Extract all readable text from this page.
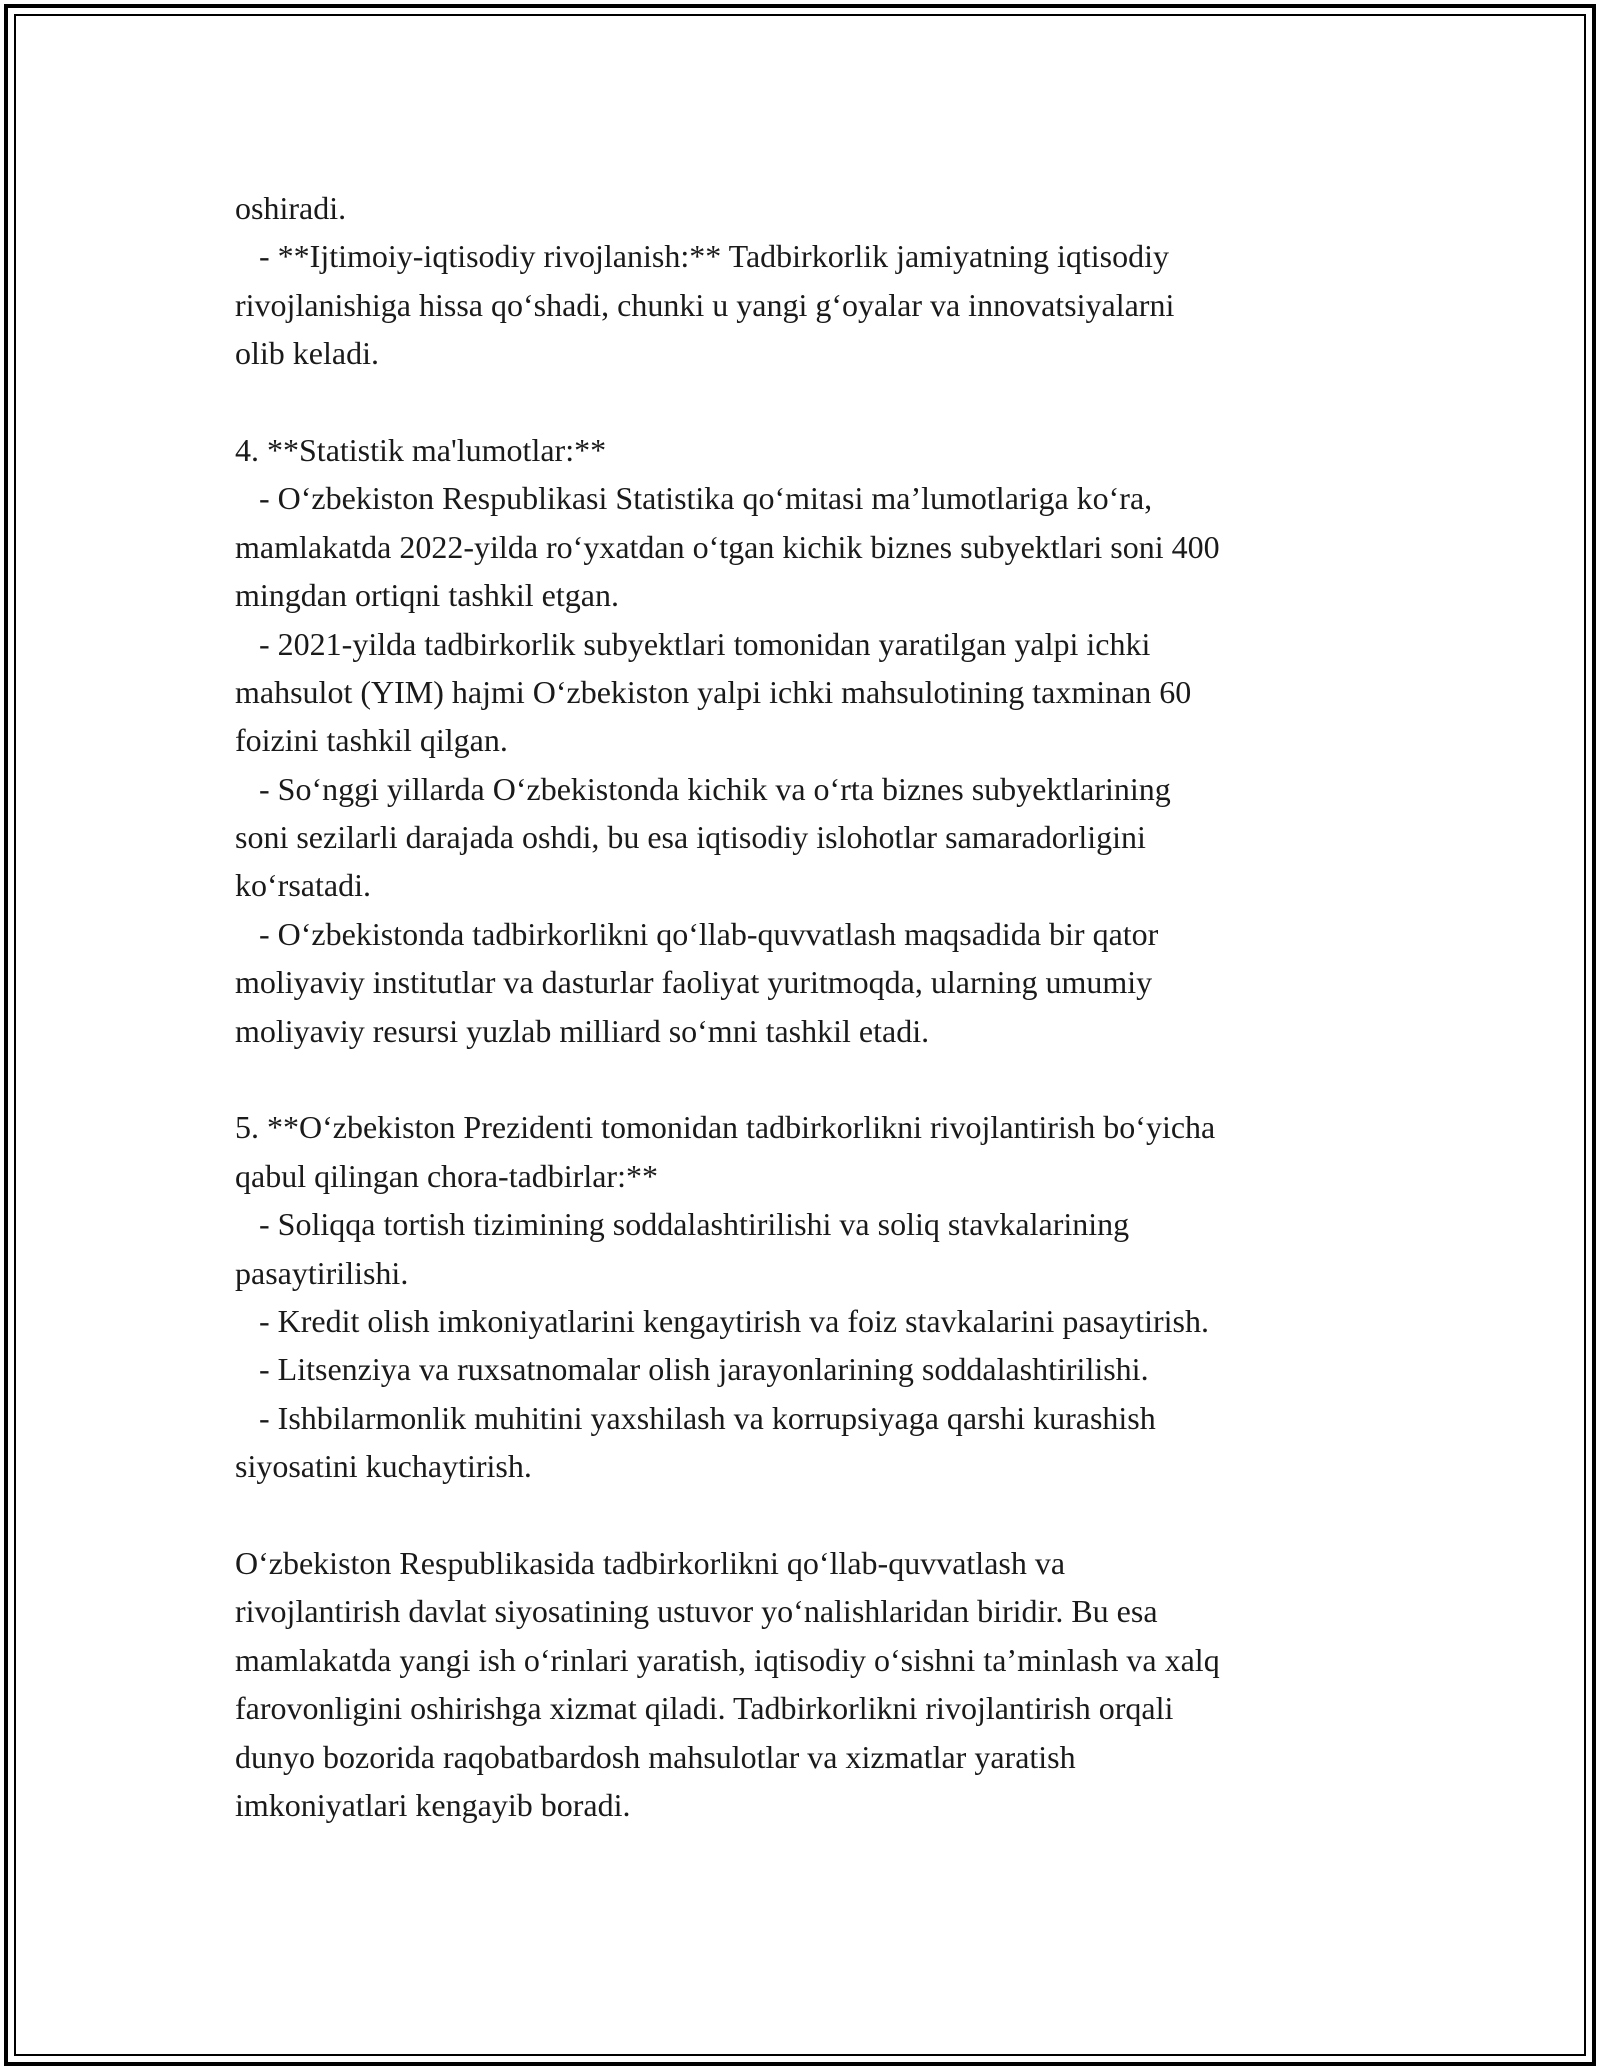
oshiradi.
- **Ijtimoiy-iqtisodiy rivojlanish:** Tadbirkorlik jamiyatning iqtisodiy
rivojlanishiga hissa qo‘shadi, chunki u yangi g‘oyalar va innovatsiyalarni
olib keladi.
4. **Statistik ma'lumotlar:**
- O‘zbekiston Respublikasi Statistika qo‘mitasi ma’lumotlariga ko‘ra,
mamlakatda 2022-yilda ro‘yxatdan o‘tgan kichik biznes subyektlari soni 400
mingdan ortiqni tashkil etgan.
- 2021-yilda tadbirkorlik subyektlari tomonidan yaratilgan yalpi ichki
mahsulot (YIM) hajmi O‘zbekiston yalpi ichki mahsulotining taxminan 60
foizini tashkil qilgan.
- So‘nggi yillarda O‘zbekistonda kichik va o‘rta biznes subyektlarining
soni sezilarli darajada oshdi, bu esa iqtisodiy islohotlar samaradorligini
ko‘rsatadi.
- O‘zbekistonda tadbirkorlikni qo‘llab-quvvatlash maqsadida bir qator
moliyaviy institutlar va dasturlar faoliyat yuritmoqda, ularning umumiy
moliyaviy resursi yuzlab milliard so‘mni tashkil etadi.
5. **O‘zbekiston Prezidenti tomonidan tadbirkorlikni rivojlantirish bo‘yicha
qabul qilingan chora-tadbirlar:**
- Soliqqa tortish tizimining soddalashtirilishi va soliq stavkalarining
pasaytirilishi.
- Kredit olish imkoniyatlarini kengaytirish va foiz stavkalarini pasaytirish.
- Litsenziya va ruxsatnomalar olish jarayonlarining soddalashtirilishi.
- Ishbilarmonlik muhitini yaxshilash va korrupsiyaga qarshi kurashish
siyosatini kuchaytirish.
O‘zbekiston Respublikasida tadbirkorlikni qo‘llab-quvvatlash va
rivojlantirish davlat siyosatining ustuvor yo‘nalishlaridan biridir. Bu esa
mamlakatda yangi ish o‘rinlari yaratish, iqtisodiy o‘sishni ta’minlash va xalq
farovonligini oshirishga xizmat qiladi. Tadbirkorlikni rivojlantirish orqali
dunyo bozorida raqobatbardosh mahsulotlar va xizmatlar yaratish
imkoniyatlari kengayib boradi.
